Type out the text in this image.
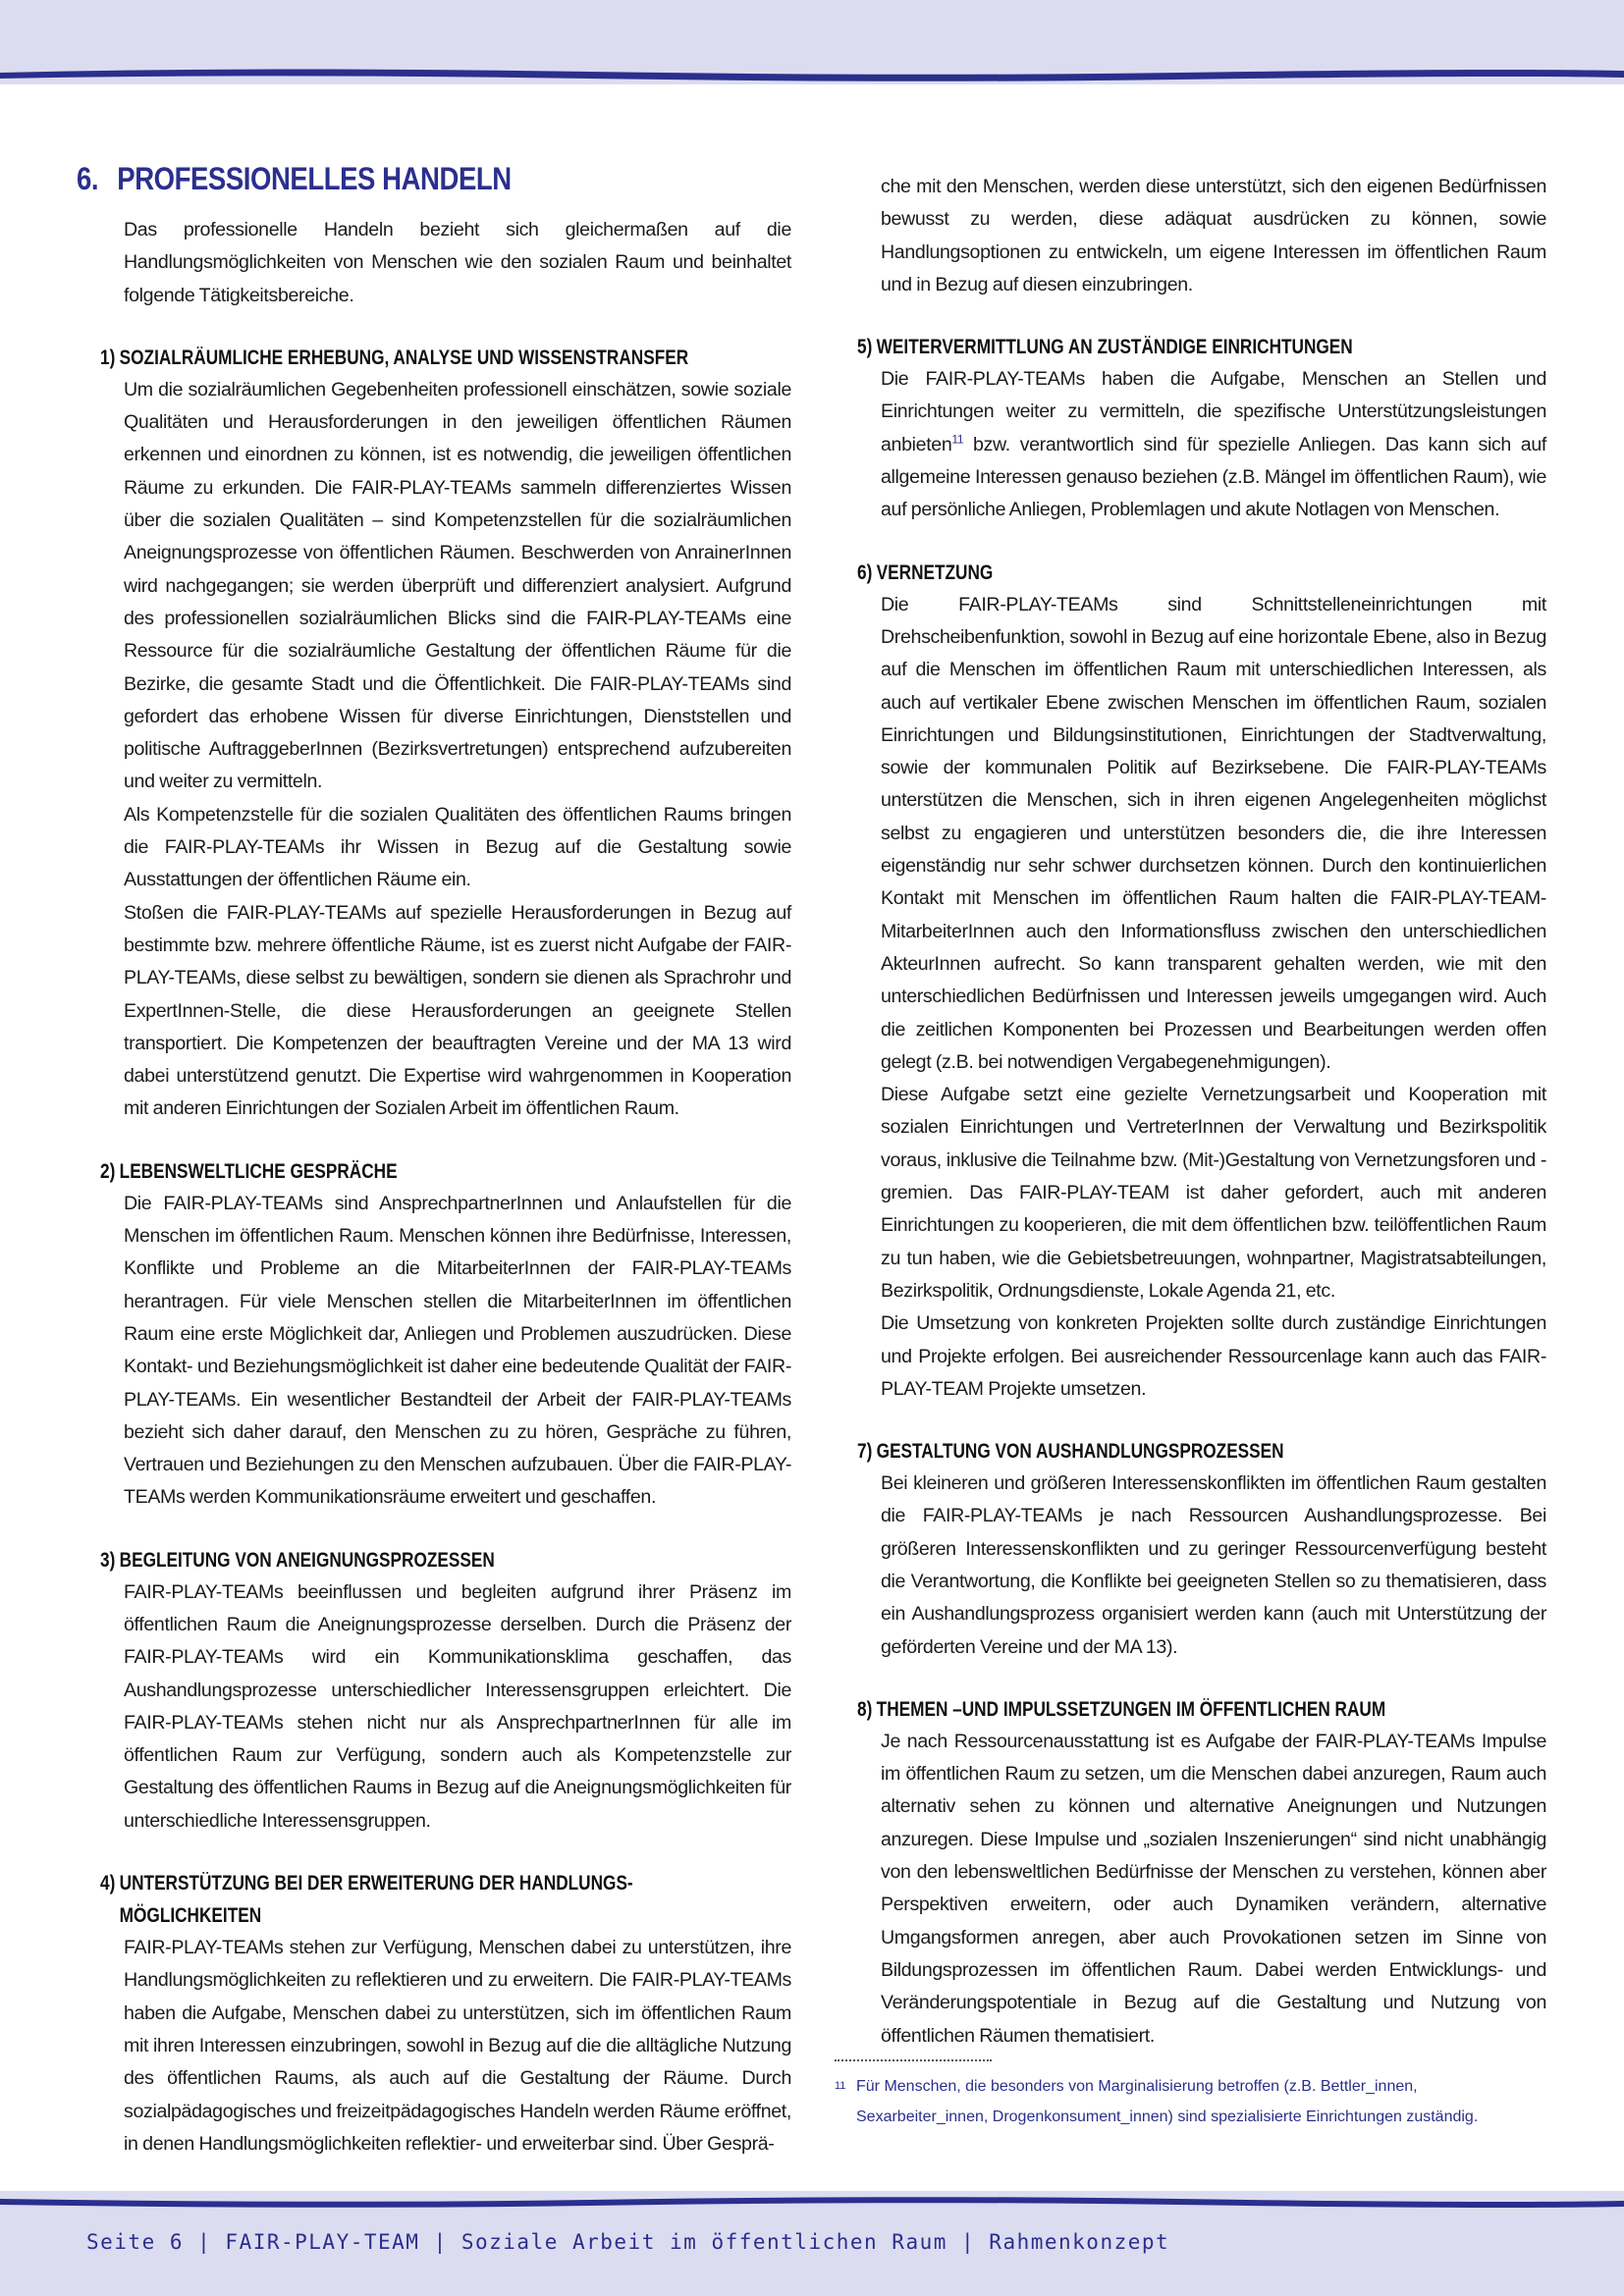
6. PROFESSIONELLES HANDELN

Das professionelle Handeln bezieht sich gleichermaßen auf die Handlungsmöglichkeiten von Menschen wie den sozialen Raum und beinhaltet folgende Tätigkeitsbereiche.

1) SOZIALRÄUMLICHE ERHEBUNG, ANALYSE UND WISSENSTRANSFER

Um die sozialräumlichen Gegebenheiten professionell einschätzen, sowie soziale Qualitäten und Herausforderungen in den jeweiligen öffentlichen Räumen erkennen und einordnen zu können, ist es notwendig, die jeweiligen öffentlichen Räume zu erkunden. Die FAIR-PLAY-TEAMs sammeln differenziertes Wissen über die sozialen Qualitäten – sind Kompetenzstellen für die sozialräumlichen Aneignungsprozesse von öffentlichen Räumen. Beschwerden von AnrainerInnen wird nachgegangen; sie werden überprüft und differenziert analysiert. Aufgrund des professionellen sozialräumlichen Blicks sind die FAIR-PLAY-TEAMs eine Ressource für die sozialräumliche Gestaltung der öffentlichen Räume für die Bezirke, die gesamte Stadt und die Öffentlichkeit. Die FAIR-PLAY-TEAMs sind gefordert das erhobene Wissen für diverse Einrichtungen, Dienststellen und politische AuftraggeberInnen (Bezirksvertretungen) entsprechend aufzubereiten und weiter zu vermitteln.

Als Kompetenzstelle für die sozialen Qualitäten des öffentlichen Raums bringen die FAIR-PLAY-TEAMs ihr Wissen in Bezug auf die Gestaltung sowie Ausstattungen der öffentlichen Räume ein.

Stoßen die FAIR-PLAY-TEAMs auf spezielle Herausforderungen in Bezug auf bestimmte bzw. mehrere öffentliche Räume, ist es zuerst nicht Aufgabe der FAIR-PLAY-TEAMs, diese selbst zu bewältigen, sondern sie dienen als Sprachrohr und ExpertInnen-Stelle, die diese Herausforderungen an geeignete Stellen transportiert. Die Kompetenzen der beauftragten Vereine und der MA 13 wird dabei unterstützend genutzt. Die Expertise wird wahrgenommen in Kooperation mit anderen Einrichtungen der Sozialen Arbeit im öffentlichen Raum.

2) LEBENSWELTLICHE GESPRÄCHE

Die FAIR-PLAY-TEAMs sind AnsprechpartnerInnen und Anlaufstellen für die Menschen im öffentlichen Raum. Menschen können ihre Bedürfnisse, Interessen, Konflikte und Probleme an die MitarbeiterInnen der FAIR-PLAY-TEAMs herantragen. Für viele Menschen stellen die MitarbeiterInnen im öffentlichen Raum eine erste Möglichkeit dar, Anliegen und Problemen auszudrücken. Diese Kontakt- und Beziehungsmöglichkeit ist daher eine bedeutende Qualität der FAIR-PLAY-TEAMs. Ein wesentlicher Bestandteil der Arbeit der FAIR-PLAY-TEAMs bezieht sich daher darauf, den Menschen zu zu hören, Gespräche zu führen, Vertrauen und Beziehungen zu den Menschen aufzubauen. Über die FAIR-PLAY-TEAMs werden Kommunikationsräume erweitert und geschaffen.

3) BEGLEITUNG VON ANEIGNUNGSPROZESSEN

FAIR-PLAY-TEAMs beeinflussen und begleiten aufgrund ihrer Präsenz im öffentlichen Raum die Aneignungsprozesse derselben. Durch die Präsenz der FAIR-PLAY-TEAMs wird ein Kommunikationsklima geschaffen, das Aushandlungsprozesse unterschiedlicher Interessensgruppen erleichtert. Die FAIR-PLAY-TEAMs stehen nicht nur als AnsprechpartnerInnen für alle im öffentlichen Raum zur Verfügung, sondern auch als Kompetenzstelle zur Gestaltung des öffentlichen Raums in Bezug auf die Aneignungsmöglichkeiten für unterschiedliche Interessensgruppen.

4) UNTERSTÜTZUNG BEI DER ERWEITERUNG DER HANDLUNGS-
MÖGLICHKEITEN

FAIR-PLAY-TEAMs stehen zur Verfügung, Menschen dabei zu unterstützen, ihre Handlungsmöglichkeiten zu reflektieren und zu erweitern. Die FAIR-PLAY-TEAMs haben die Aufgabe, Menschen dabei zu unterstützen, sich im öffentlichen Raum mit ihren Interessen einzubringen, sowohl in Bezug auf die die alltägliche Nutzung des öffentlichen Raums, als auch auf die Gestaltung der Räume. Durch sozialpädagogisches und freizeitpädagogisches Handeln werden Räume eröffnet, in denen Handlungsmöglichkeiten reflektier- und erweiterbar sind. Über Gesprä-

che mit den Menschen, werden diese unterstützt, sich den eigenen Bedürfnissen bewusst zu werden, diese adäquat ausdrücken zu können, sowie Handlungsoptionen zu entwickeln, um eigene Interessen im öffentlichen Raum und in Bezug auf diesen einzubringen.

5) WEITERVERMITTLUNG AN ZUSTÄNDIGE EINRICHTUNGEN

Die FAIR-PLAY-TEAMs haben die Aufgabe, Menschen an Stellen und Einrichtungen weiter zu vermitteln, die spezifische Unterstützungsleistungen anbieten$^{11}$ bzw. verantwortlich sind für spezielle Anliegen. Das kann sich auf allgemeine Interessen genauso beziehen (z.B. Mängel im öffentlichen Raum), wie auf persönliche Anliegen, Problemlagen und akute Notlagen von Menschen.

6) VERNETZUNG

Die FAIR-PLAY-TEAMs sind Schnittstelleneinrichtungen mit Drehscheibenfunktion, sowohl in Bezug auf eine horizontale Ebene, also in Bezug auf die Menschen im öffentlichen Raum mit unterschiedlichen Interessen, als auch auf vertikaler Ebene zwischen Menschen im öffentlichen Raum, sozialen Einrichtungen und Bildungsinstitutionen, Einrichtungen der Stadtverwaltung, sowie der kommunalen Politik auf Bezirksebene. Die FAIR-PLAY-TEAMs unterstützen die Menschen, sich in ihren eigenen Angelegenheiten möglichst selbst zu engagieren und unterstützen besonders die, die ihre Interessen eigenständig nur sehr schwer durchsetzen können. Durch den kontinuierlichen Kontakt mit Menschen im öffentlichen Raum halten die FAIR-PLAY-TEAM-MitarbeiterInnen auch den Informationsfluss zwischen den unterschiedlichen AkteurInnen aufrecht. So kann transparent gehalten werden, wie mit den unterschiedlichen Bedürfnissen und Interessen jeweils umgegangen wird. Auch die zeitlichen Komponenten bei Prozessen und Bearbeitungen werden offen gelegt (z.B. bei notwendigen Vergabegenehmigungen).

Diese Aufgabe setzt eine gezielte Vernetzungsarbeit und Kooperation mit sozialen Einrichtungen und VertreterInnen der Verwaltung und Bezirkspolitik voraus, inklusive die Teilnahme bzw. (Mit-)Gestaltung von Vernetzungsforen und -gremien. Das FAIR-PLAY-TEAM ist daher gefordert, auch mit anderen Einrichtungen zu kooperieren, die mit dem öffentlichen bzw. teilöffentlichen Raum zu tun haben, wie die Gebietsbetreuungen, wohnpartner, Magistratsabteilungen, Bezirkspolitik, Ordnungsdienste, Lokale Agenda 21, etc.

Die Umsetzung von konkreten Projekten sollte durch zuständige Einrichtungen und Projekte erfolgen. Bei ausreichender Ressourcenlage kann auch das FAIR-PLAY-TEAM Projekte umsetzen.

7) GESTALTUNG VON AUSHANDLUNGSPROZESSEN

Bei kleineren und größeren Interessenskonflikten im öffentlichen Raum gestalten die FAIR-PLAY-TEAMs je nach Ressourcen Aushandlungsprozesse. Bei größeren Interessenskonflikten und zu geringer Ressourcenverfügung besteht die Verantwortung, die Konflikte bei geeigneten Stellen so zu thematisieren, dass ein Aushandlungsprozess organisiert werden kann (auch mit Unterstützung der geförderten Vereine und der MA 13).

8) THEMEN –UND IMPULSSETZUNGEN IM ÖFFENTLICHEN RAUM

Je nach Ressourcenausstattung ist es Aufgabe der FAIR-PLAY-TEAMs Impulse im öffentlichen Raum zu setzen, um die Menschen dabei anzuregen, Raum auch alternativ sehen zu können und alternative Aneignungen und Nutzungen anzuregen. Diese Impulse und „sozialen Inszenierungen“ sind nicht unabhängig von den lebensweltlichen Bedürfnisse der Menschen zu verstehen, können aber Perspektiven erweitern, oder auch Dynamiken verändern, alternative Umgangsformen anregen, aber auch Provokationen setzen im Sinne von Bildungsprozessen im öffentlichen Raum. Dabei werden Entwicklungs- und Veränderungspotentiale in Bezug auf die Gestaltung und Nutzung von öffentlichen Räumen thematisiert.

11 Für Menschen, die besonders von Marginalisierung betroffen (z.B. Bettler_innen, Sexarbeiter_innen, Drogenkonsument_innen) sind spezialisierte Einrichtungen zuständig.
Seite 6 | FAIR-PLAY-TEAM | Soziale Arbeit im öffentlichen Raum | Rahmenkonzept
